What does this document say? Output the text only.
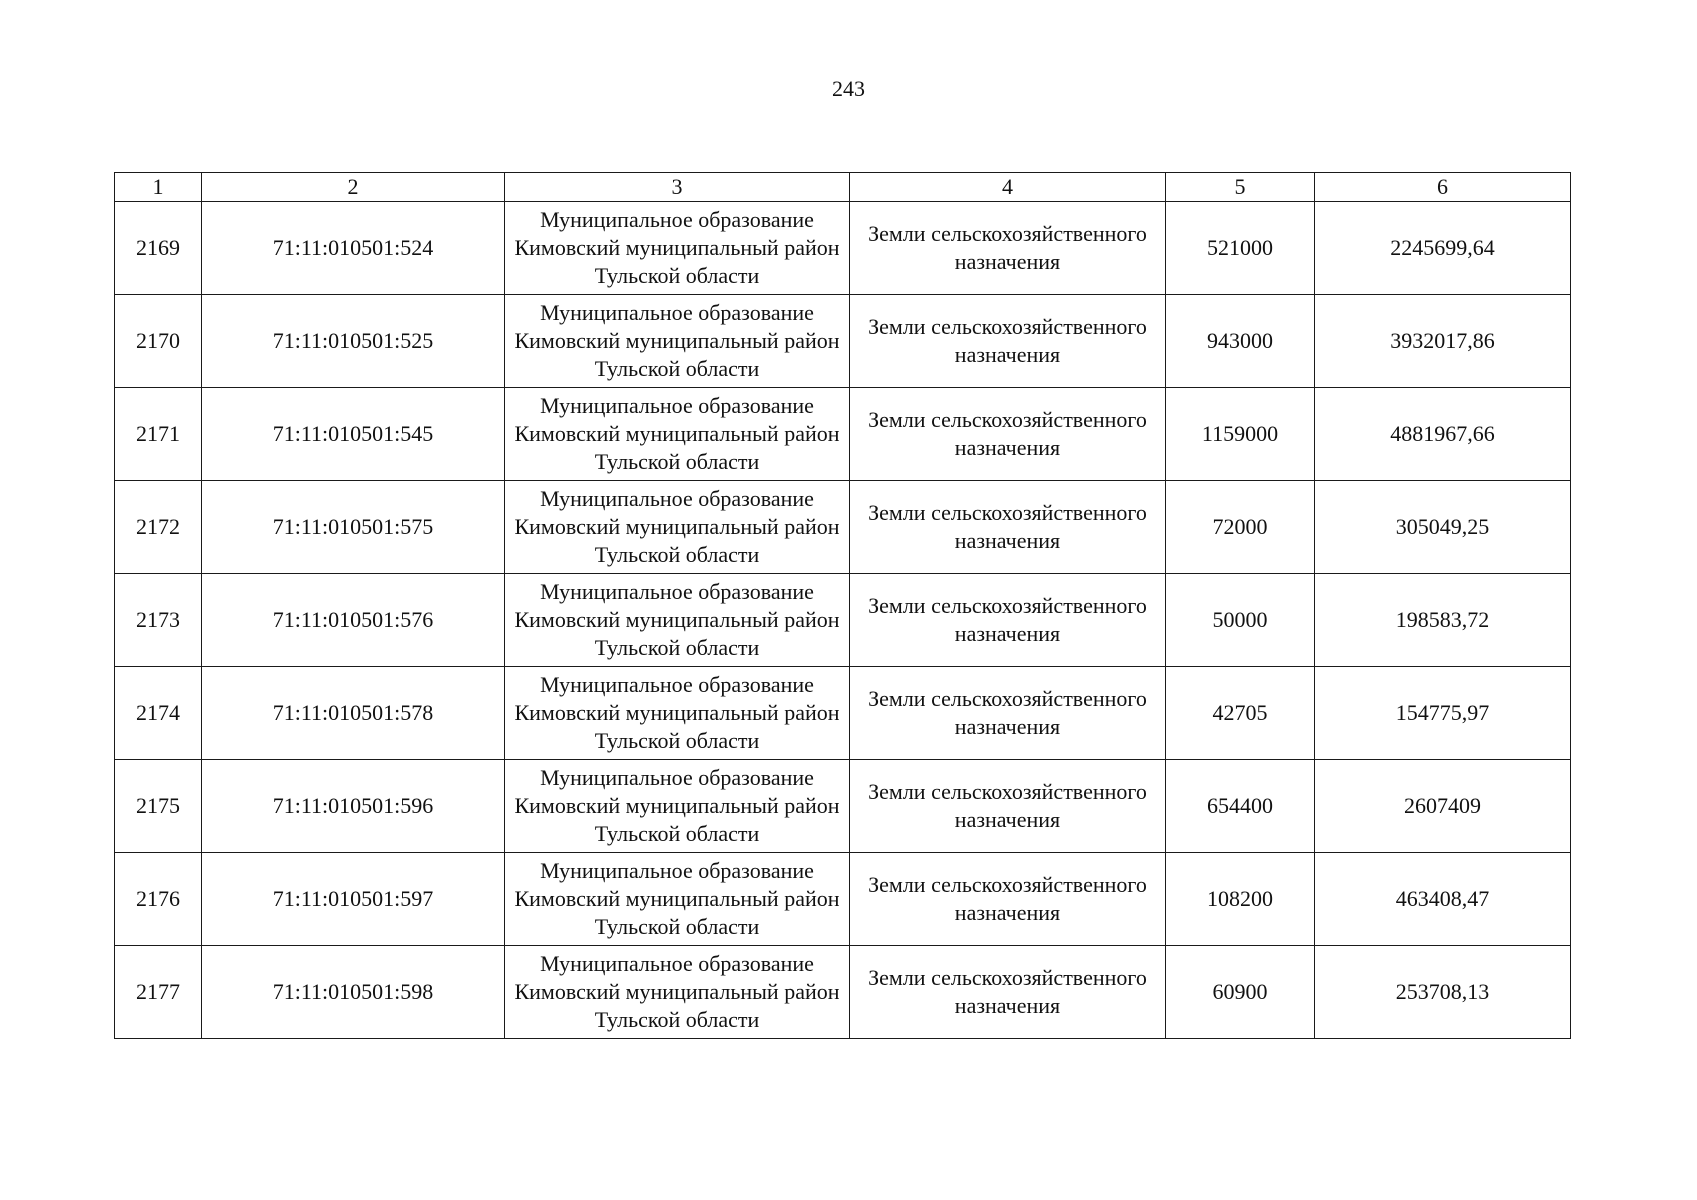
243
1	2	3	4	5	6
2169	71:11:010501:524	Муниципальное образование Кимовский муниципальный район Тульской области	Земли сельскохозяйственного назначения	521000	2245699,64
2170	71:11:010501:525	Муниципальное образование Кимовский муниципальный район Тульской области	Земли сельскохозяйственного назначения	943000	3932017,86
2171	71:11:010501:545	Муниципальное образование Кимовский муниципальный район Тульской области	Земли сельскохозяйственного назначения	1159000	4881967,66
2172	71:11:010501:575	Муниципальное образование Кимовский муниципальный район Тульской области	Земли сельскохозяйственного назначения	72000	305049,25
2173	71:11:010501:576	Муниципальное образование Кимовский муниципальный район Тульской области	Земли сельскохозяйственного назначения	50000	198583,72
2174	71:11:010501:578	Муниципальное образование Кимовский муниципальный район Тульской области	Земли сельскохозяйственного назначения	42705	154775,97
2175	71:11:010501:596	Муниципальное образование Кимовский муниципальный район Тульской области	Земли сельскохозяйственного назначения	654400	2607409
2176	71:11:010501:597	Муниципальное образование Кимовский муниципальный район Тульской области	Земли сельскохозяйственного назначения	108200	463408,47
2177	71:11:010501:598	Муниципальное образование Кимовский муниципальный район Тульской области	Земли сельскохозяйственного назначения	60900	253708,13
